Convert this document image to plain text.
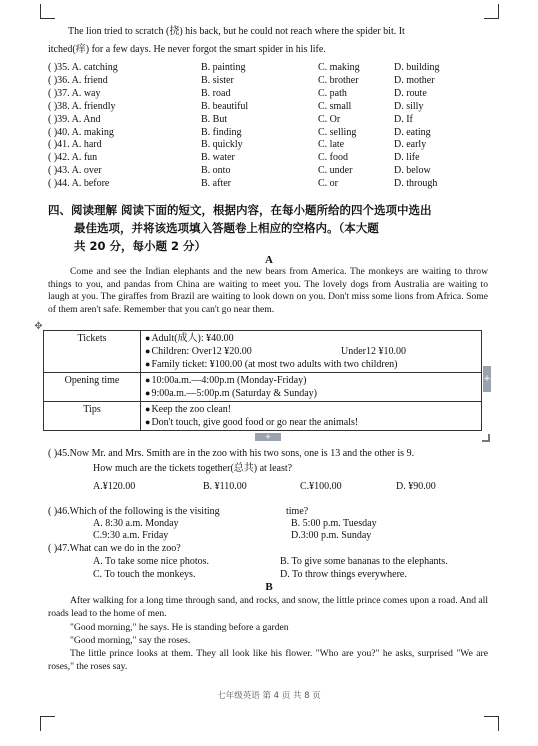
The lion tried to scratch (挠) his back, but he could not reach where the spider bit. It
itched(痒) for a few days. He never forgot the smart spider in his life.
( )35. A. catching	B. painting	C. making	D. building
( )36. A. friend	B. sister	C. brother	D. mother
( )37. A. way	B. road	C. path	D. route
( )38. A. friendly	B. beautiful	C. small	D. silly
( )39. A. And	B. But	C. Or	D. If
( )40. A. making	B. finding	C. selling	D. eating
( )41. A. hard	B. quickly	C. late	D. early
( )42. A. fun	B. water	C. food	D. life
( )43. A. over	B. onto	C. under	D. below
( )44. A. before	B. after	C. or	D. through
四、阅读理解 阅读下面的短文，根据内容，在每小题所给的四个选项中选出
最佳选项，并将该选项填入答题卷上相应的空格内。（本大题
共 20 分，每小题 2 分）
A
Come and see the Indian elephants and the new bears from America. The monkeys are waiting to throw things to you, and pandas from China are waiting to meet you. The lovely dogs from Australia are waiting to laugh at you. The giraffes from Brazil are waiting to look down on you. Don't miss some lions from Africa. Some of them aren't safe. Remember that you can't go near them.
✥
Tickets	● Adult(成人): ¥40.00
● Children: Over12 ¥20.00 Under12 ¥10.00
● Family ticket: ¥100.00 (at most two adults with two children)

Opening time	● 10:00a.m.—4:00p.m (Monday-Friday)
● 9:00a.m.—5:00p.m (Saturday & Sunday)

Tips	● Keep the zoo clean!
● Don't touch, give good food or go near the animals!
+
+
( )45.Now Mr. and Mrs. Smith are in the zoo with his two sons, one is 13 and the other is 9.
How much are the tickets together(总共) at least?
A.¥120.00	B. ¥110.00	C.¥100.00	D. ¥90.00
( )46.Which of the following is the visiting	time?
A. 8:30 a.m. Monday	B. 5:00 p.m. Tuesday
C.9:30 a.m. Friday	D.3:00 p.m. Sunday
( )47.What can we do in the zoo?
A. To take some nice photos.	B. To give some bananas to the elephants.
C. To touch the monkeys.	D. To throw things everywhere.
B
After walking for a long time through sand, and rocks, and snow, the little prince comes upon a road. And all roads lead to the home of men.
"Good morning," he says. He is standing before a garden
"Good morning," say the roses.
The little prince looks at them. They all look like his flower. "Who are you?" he asks, surprised "We are roses," the roses say.
七年级英语 第 4 页 共 8 页
